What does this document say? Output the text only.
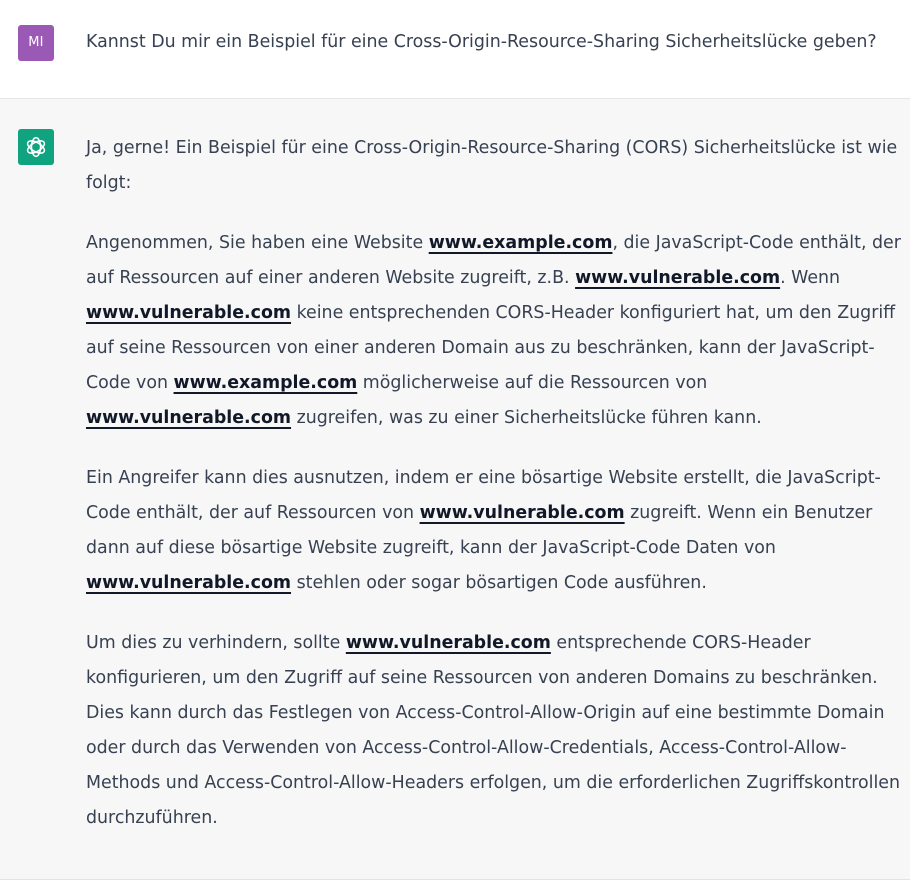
MI	Kannst Du mir ein Beispiel für eine Cross-Origin-Resource-Sharing Sicherheitslücke geben?

Ja, gerne! Ein Beispiel für eine Cross-Origin-Resource-Sharing (CORS) Sicherheitslücke ist wie folgt:

Angenommen, Sie haben eine Website www.example.com, die JavaScript-Code enthält, der auf Ressourcen auf einer anderen Website zugreift, z.B. www.vulnerable.com. Wenn www.vulnerable.com keine entsprechenden CORS-Header konfiguriert hat, um den Zugriff auf seine Ressourcen von einer anderen Domain aus zu beschränken, kann der JavaScript-Code von www.example.com möglicherweise auf die Ressourcen von www.vulnerable.com zugreifen, was zu einer Sicherheitslücke führen kann.

Ein Angreifer kann dies ausnutzen, indem er eine bösartige Website erstellt, die JavaScript-Code enthält, der auf Ressourcen von www.vulnerable.com zugreift. Wenn ein Benutzer dann auf diese bösartige Website zugreift, kann der JavaScript-Code Daten von www.vulnerable.com stehlen oder sogar bösartigen Code ausführen.

Um dies zu verhindern, sollte www.vulnerable.com entsprechende CORS-Header konfigurieren, um den Zugriff auf seine Ressourcen von anderen Domains zu beschränken. Dies kann durch das Festlegen von Access-Control-Allow-Origin auf eine bestimmte Domain oder durch das Verwenden von Access-Control-Allow-Credentials, Access-Control-Allow-Methods und Access-Control-Allow-Headers erfolgen, um die erforderlichen Zugriffskontrollen durchzuführen.
